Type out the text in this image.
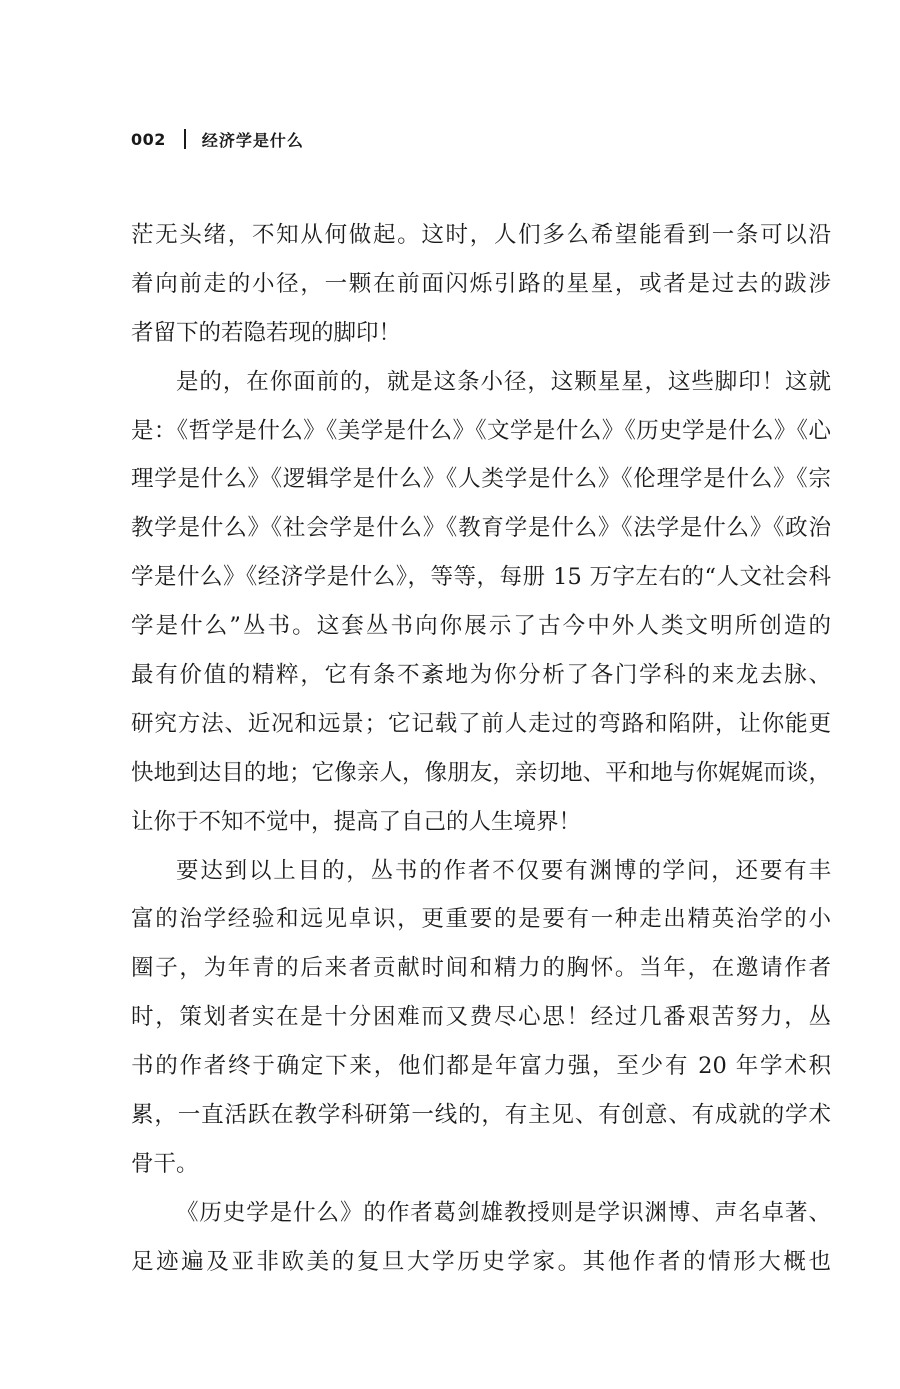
002 经济学是什么
茫无头绪，不知从何做起。这时，人们多么希望能看到一条可以沿
着向前走的小径，一颗在前面闪烁引路的星星，或者是过去的跋涉
者留下的若隐若现的脚印！
是的，在你面前的，就是这条小径，这颗星星，这些脚印！这就
是：《哲学是什么》《美学是什么》《文学是什么》《历史学是什么》《心
理学是什么》《逻辑学是什么》《人类学是什么》《伦理学是什么》《宗
教学是什么》《社会学是什么》《教育学是什么》《法学是什么》《政治
学是什么》《经济学是什么》，等等，每册 15 万字左右的“人文社会科
学是什么”丛书。这套丛书向你展示了古今中外人类文明所创造的
最有价值的精粹，它有条不紊地为你分析了各门学科的来龙去脉、
研究方法、近况和远景；它记载了前人走过的弯路和陷阱，让你能更
快地到达目的地；它像亲人，像朋友，亲切地、平和地与你娓娓而谈，
让你于不知不觉中，提高了自己的人生境界！
要达到以上目的，丛书的作者不仅要有渊博的学问，还要有丰
富的治学经验和远见卓识，更重要的是要有一种走出精英治学的小
圈子，为年青的后来者贡献时间和精力的胸怀。当年，在邀请作者
时，策划者实在是十分困难而又费尽心思！经过几番艰苦努力，丛
书的作者终于确定下来，他们都是年富力强，至少有 20 年学术积
累，一直活跃在教学科研第一线的，有主见、有创意、有成就的学术
骨干。
《历史学是什么》的作者葛剑雄教授则是学识渊博、声名卓著、
足迹遍及亚非欧美的复旦大学历史学家。其他作者的情形大概也
